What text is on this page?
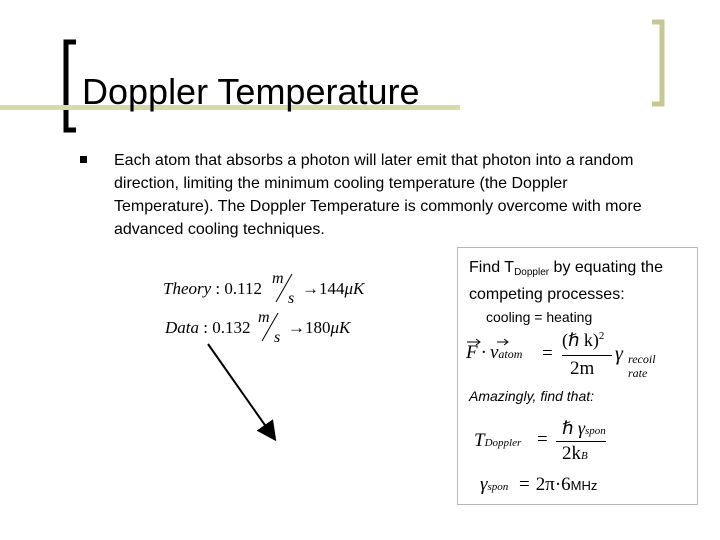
Doppler Temperature
Each atom that absorbs a photon will later emit that photon into a random direction, limiting the minimum cooling temperature (the Doppler Temperature). The Doppler Temperature is commonly overcome with more advanced cooling techniques.
Theory : 0.112
m
s
→144μK
Data : 0.132
m
s
→180μK
Find $T_{Doppler}$ by equating the competing processes:
cooling = heating
F · vatom =
(ℏ k)$^2$
2m
γ recoil
rate
Amazingly, find that:
TDoppler =
ℏ γspon
2kB
γspon = 2π·6MHz
